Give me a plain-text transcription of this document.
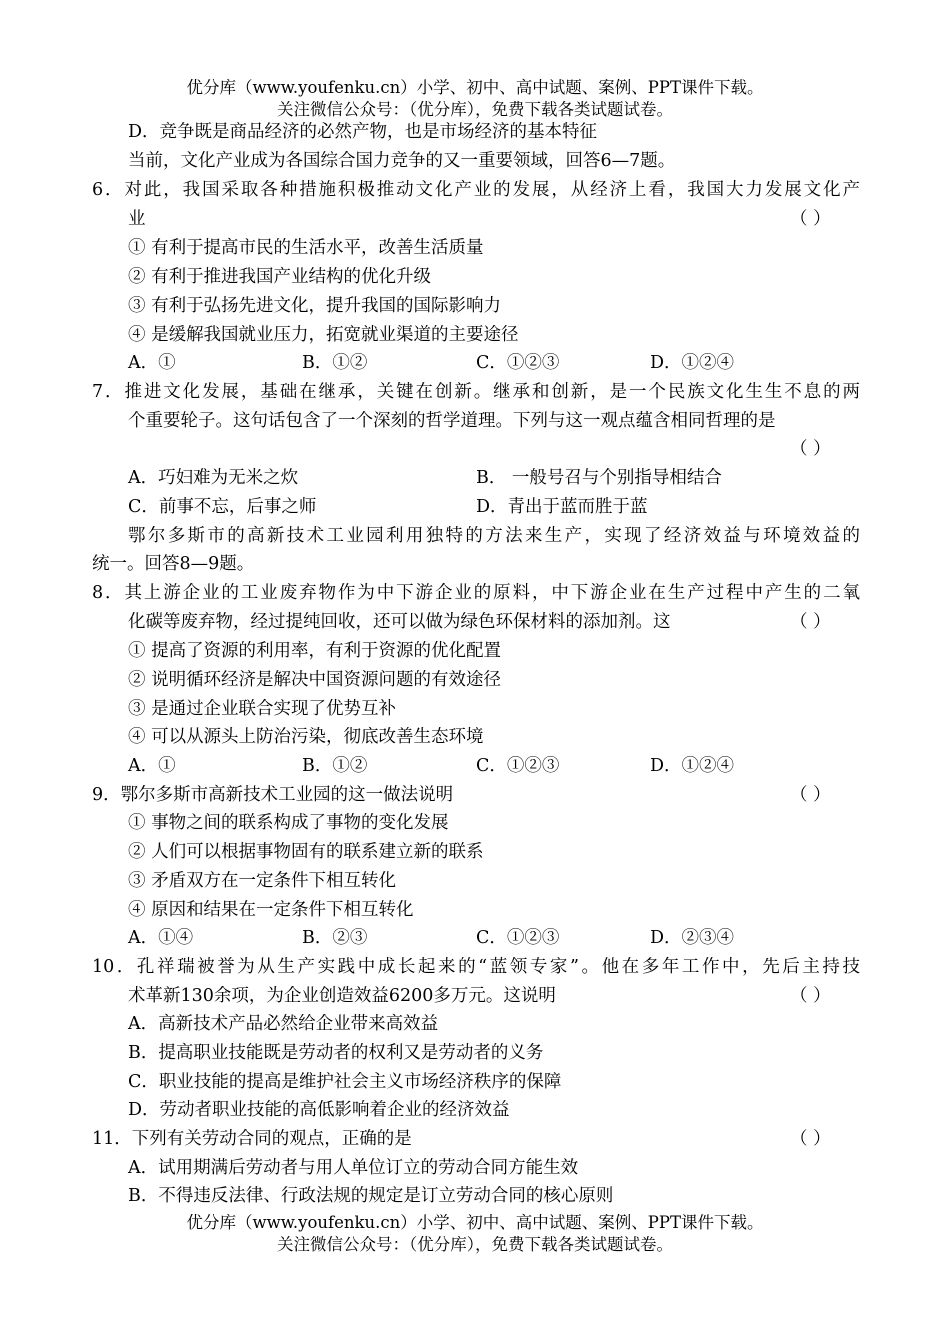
优分库（www.youfenku.cn）小学、初中、高中试题、案例、PPT课件下载。
关注微信公众号：（优分库），免费下载各类试题试卷。
D．竞争既是商品经济的必然产物，也是市场经济的基本特征
当前，文化产业成为各国综合国力竞争的又一重要领域，回答6—7题。
6．对此，我国采取各种措施积极推动文化产业的发展，从经济上看，我国大力发展文化产
业	（ ）
① 有利于提高市民的生活水平，改善生活质量
② 有利于推进我国产业结构的优化升级
③ 有利于弘扬先进文化，提升我国的国际影响力
④ 是缓解我国就业压力，拓宽就业渠道的主要途径
A．①	B．①②	C．①②③	D．①②④
7．推进文化发展，基础在继承，关键在创新。继承和创新，是一个民族文化生生不息的两
个重要轮子。这句话包含了一个深刻的哲学道理。下列与这一观点蕴含相同哲理的是
（ ）
A．巧妇难为无米之炊	B． 一般号召与个别指导相结合
C．前事不忘，后事之师	D．青出于蓝而胜于蓝
鄂尔多斯市的高新技术工业园利用独特的方法来生产，实现了经济效益与环境效益的
统一。回答8—9题。
8．其上游企业的工业废弃物作为中下游企业的原料，中下游企业在生产过程中产生的二氧
化碳等废弃物，经过提纯回收，还可以做为绿色环保材料的添加剂。这	（ ）
① 提高了资源的利用率，有利于资源的优化配置
② 说明循环经济是解决中国资源问题的有效途径
③ 是通过企业联合实现了优势互补
④ 可以从源头上防治污染，彻底改善生态环境
A．①	B．①②	C．①②③	D．①②④
9．鄂尔多斯市高新技术工业园的这一做法说明	（ ）
① 事物之间的联系构成了事物的变化发展
② 人们可以根据事物固有的联系建立新的联系
③ 矛盾双方在一定条件下相互转化
④ 原因和结果在一定条件下相互转化
A．①④	B．②③	C．①②③	D．②③④
10．孔祥瑞被誉为从生产实践中成长起来的“蓝领专家”。他在多年工作中，先后主持技
术革新130余项，为企业创造效益6200多万元。这说明	（ ）
A．高新技术产品必然给企业带来高效益
B．提高职业技能既是劳动者的权利又是劳动者的义务
C．职业技能的提高是维护社会主义市场经济秩序的保障
D．劳动者职业技能的高低影响着企业的经济效益
11．下列有关劳动合同的观点，正确的是	（ ）
A．试用期满后劳动者与用人单位订立的劳动合同方能生效
B．不得违反法律、行政法规的规定是订立劳动合同的核心原则
优分库（www.youfenku.cn）小学、初中、高中试题、案例、PPT课件下载。
关注微信公众号：（优分库），免费下载各类试题试卷。
